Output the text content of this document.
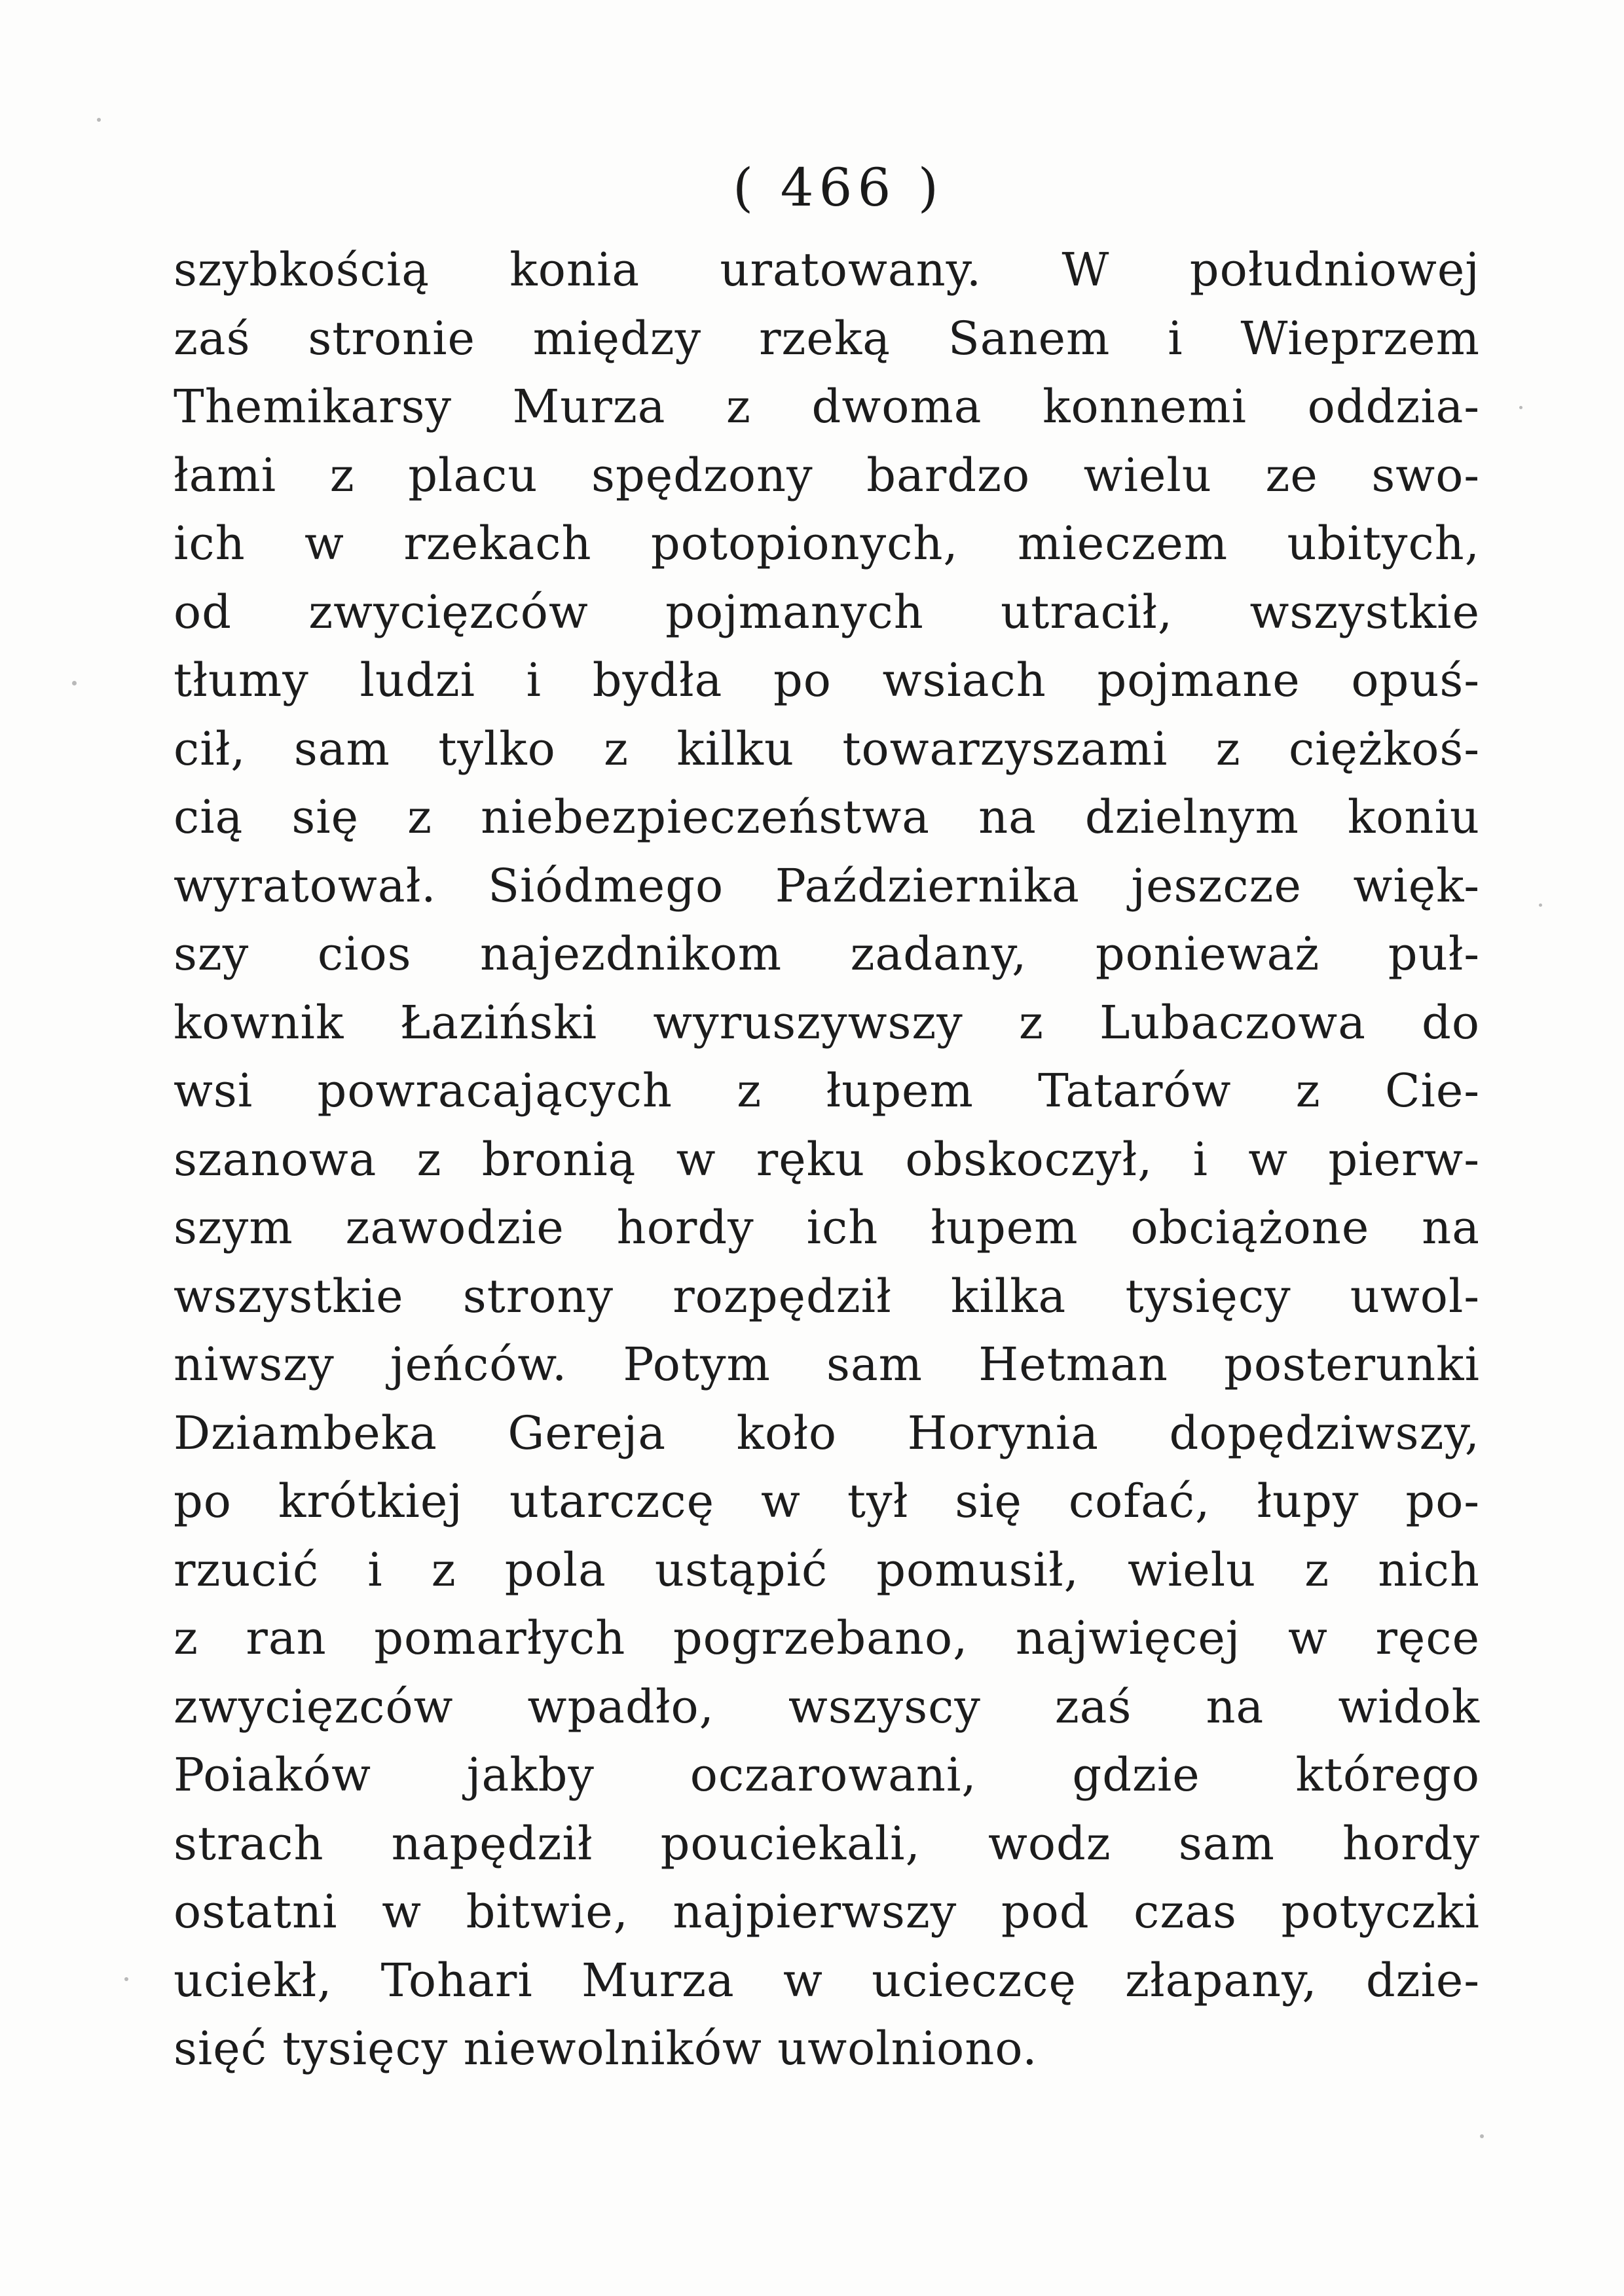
( 466 )
szybkością konia uratowany. W południowej
zaś stronie między rzeką Sanem i Wieprzem
Themikarsy Murza z dwoma konnemi oddzia-
łami z placu spędzony bardzo wielu ze swo-
ich w rzekach potopionych, mieczem ubitych,
od zwycięzców pojmanych utracił, wszystkie
tłumy ludzi i bydła po wsiach pojmane opuś-
cił, sam tylko z kilku towarzyszami z ciężkoś-
cią się z niebezpieczeństwa na dzielnym koniu
wyratował. Siódmego Października jeszcze więk-
szy cios najezdnikom zadany, ponieważ puł-
kownik Łaziński wyruszywszy z Lubaczowa do
wsi powracających z łupem Tatarów z Cie-
szanowa z bronią w ręku obskoczył, i w pierw-
szym zawodzie hordy ich łupem obciążone na
wszystkie strony rozpędził kilka tysięcy uwol-
niwszy jeńców. Potym sam Hetman posterunki
Dziambeka Gereja koło Horynia dopędziwszy,
po krótkiej utarczcę w tył się cofać, łupy po-
rzucić i z pola ustąpić pomusił, wielu z nich
z ran pomarłych pogrzebano, najwięcej w ręce
zwycięzców wpadło, wszyscy zaś na widok
Poiaków jakby oczarowani, gdzie którego
strach napędził pouciekali, wodz sam hordy
ostatni w bitwie, najpierwszy pod czas potyczki
uciekł, Tohari Murza w ucieczcę złapany, dzie-
sięć tysięcy niewolników uwolniono.
